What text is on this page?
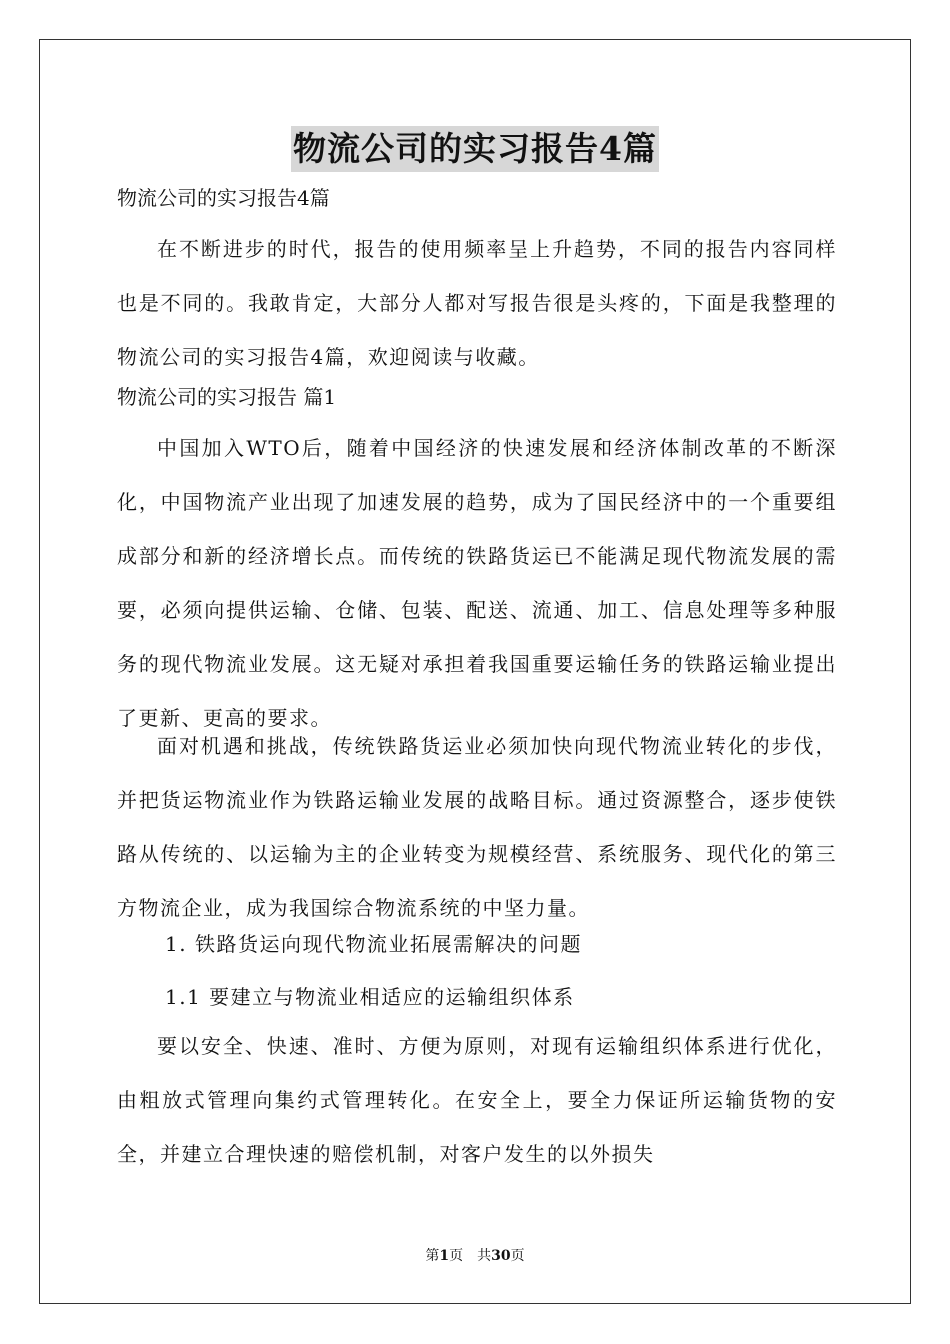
物流公司的实习报告4篇
物流公司的实习报告4篇

在不断进步的时代，报告的使用频率呈上升趋势，不同的报告内容同样也是不同的。我敢肯定，大部分人都对写报告很是头疼的，下面是我整理的物流公司的实习报告4篇，欢迎阅读与收藏。

物流公司的实习报告 篇1

中国加入WTO后，随着中国经济的快速发展和经济体制改革的不断深化，中国物流产业出现了加速发展的趋势，成为了国民经济中的一个重要组成部分和新的经济增长点。而传统的铁路货运已不能满足现代物流发展的需要，必须向提供运输、仓储、包装、配送、流通、加工、信息处理等多种服务的现代物流业发展。这无疑对承担着我国重要运输任务的铁路运输业提出了更新、更高的要求。

面对机遇和挑战，传统铁路货运业必须加快向现代物流业转化的步伐，并把货运物流业作为铁路运输业发展的战略目标。通过资源整合，逐步使铁路从传统的、以运输为主的企业转变为规模经营、系统服务、现代化的第三方物流企业，成为我国综合物流系统的中坚力量。

1. 铁路货运向现代物流业拓展需解决的问题
1.1 要建立与物流业相适应的运输组织体系

要以安全、快速、准时、方便为原则，对现有运输组织体系进行优化，由粗放式管理向集约式管理转化。在安全上，要全力保证所运输货物的安全，并建立合理快速的赔偿机制，对客户发生的以外损失

第1页　共30页
